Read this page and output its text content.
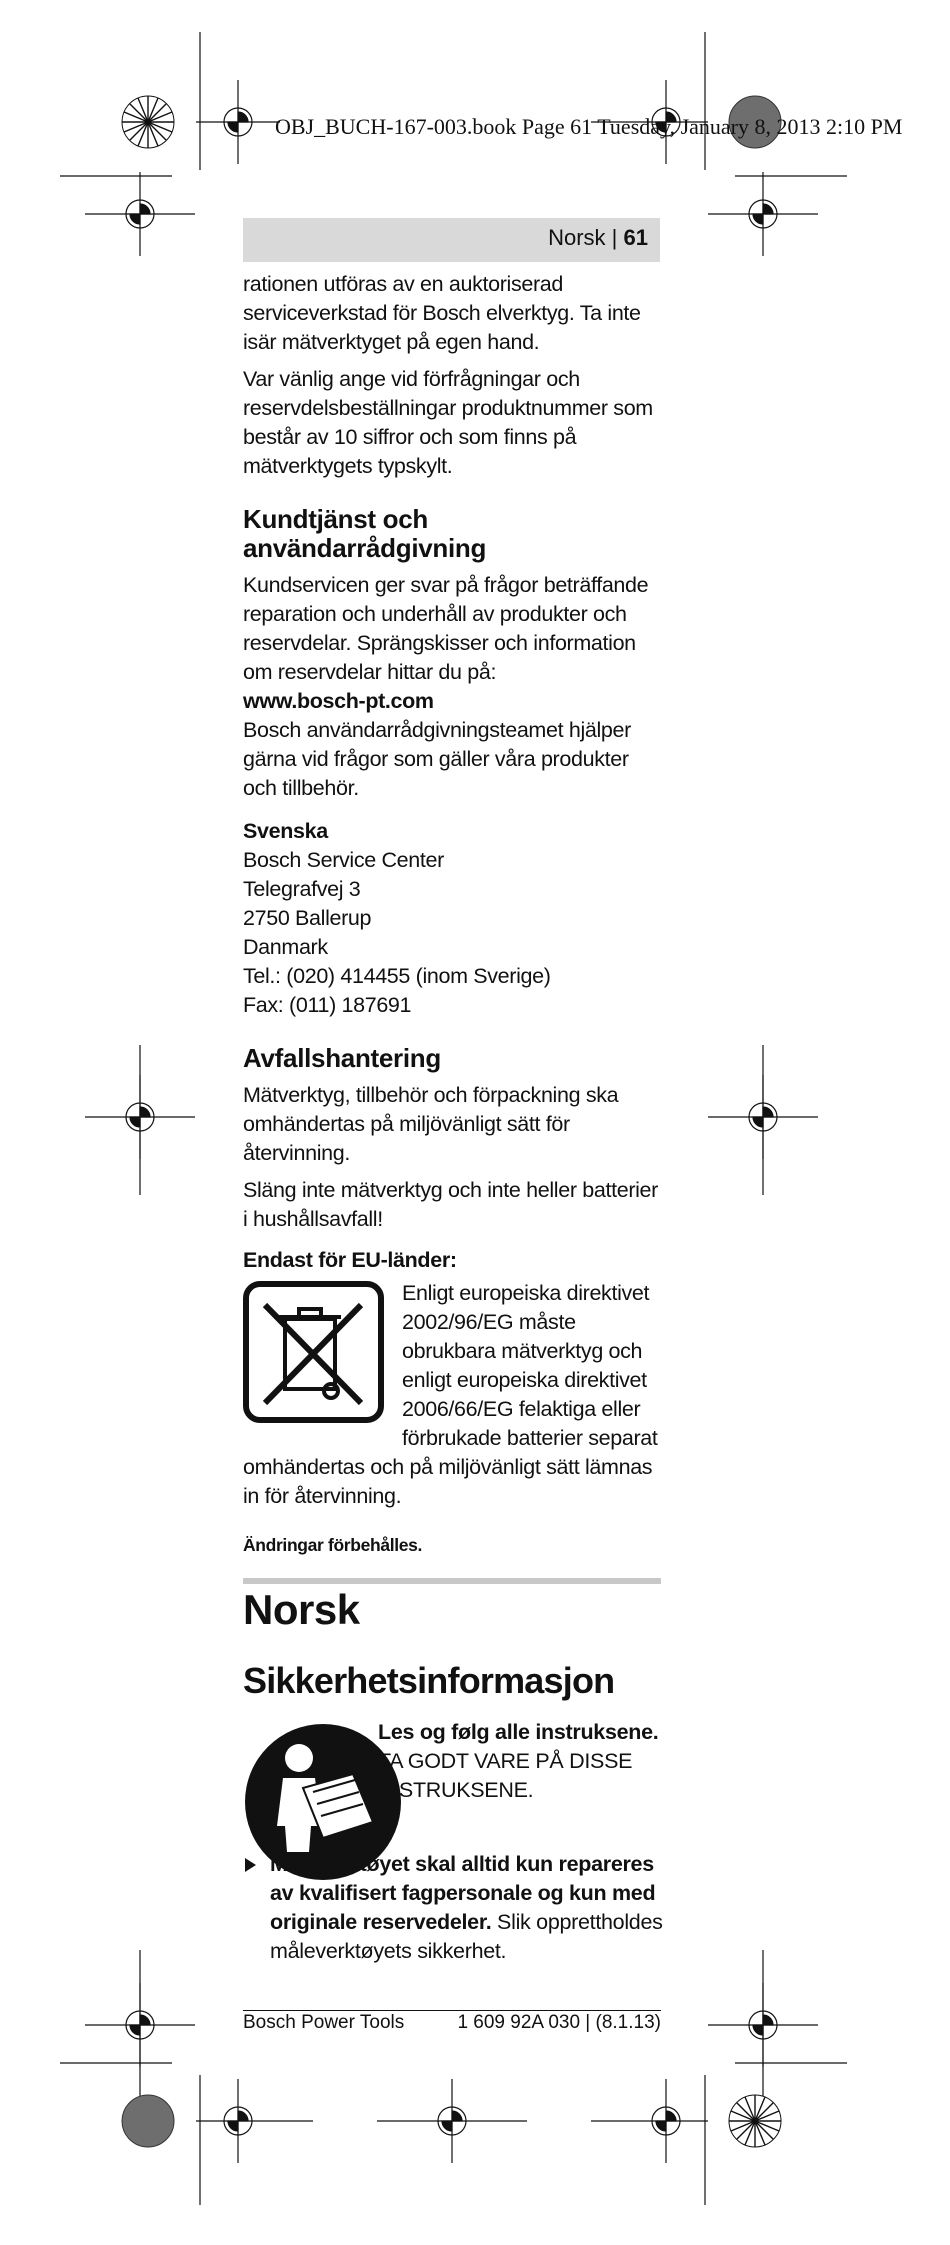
OBJ_BUCH-167-003.book Page 61 Tuesday, January 8, 2013 2:10 PM
Norsk | 61

rationen utföras av en auktoriserad serviceverkstad för Bosch elverktyg. Ta inte isär mätverktyget på egen hand.

Var vänlig ange vid förfrågningar och reservdelsbeställningar produktnummer som består av 10 siffror och som finns på mätverktygets typskylt.

Kundtjänst och användarrådgivning
Kundservicen ger svar på frågor beträffande reparation och underhåll av produkter och reservdelar. Sprängskisser och information om reservdelar hittar du på:
www.bosch-pt.com
Bosch användarrådgivningsteamet hjälper gärna vid frågor som gäller våra produkter och tillbehör.
Svenska
Bosch Service Center
Telegrafvej 3
2750 Ballerup
Danmark
Tel.: (020) 414455 (inom Sverige)
Fax: (011) 187691
Avfallshantering

Mätverktyg, tillbehör och förpackning ska omhändertas på miljövänligt sätt för återvinning.

Släng inte mätverktyg och inte heller batterier i hushållsavfall!

Endast för EU-länder:
Enligt europeiska direktivet 2002/96/EG måste obrukbara mätverktyg och enligt europeiska direktivet 2006/66/EG felaktiga eller förbrukade batterier separat omhändertas och på miljövänligt sätt lämnas in för återvinning.
Ändringar förbehålles.
Norsk
Sikkerhetsinformasjon
Les og følg alle instruksene.
TA GODT VARE PÅ DISSE INSTRUKSENE.
Måleverktøyet skal alltid kun repareres av kvalifisert fagpersonale og kun med originale reservedeler. Slik opprettholdes måleverktøyets sikkerhet.
Bosch Power Tools	1 609 92A 030 | (8.1.13)
